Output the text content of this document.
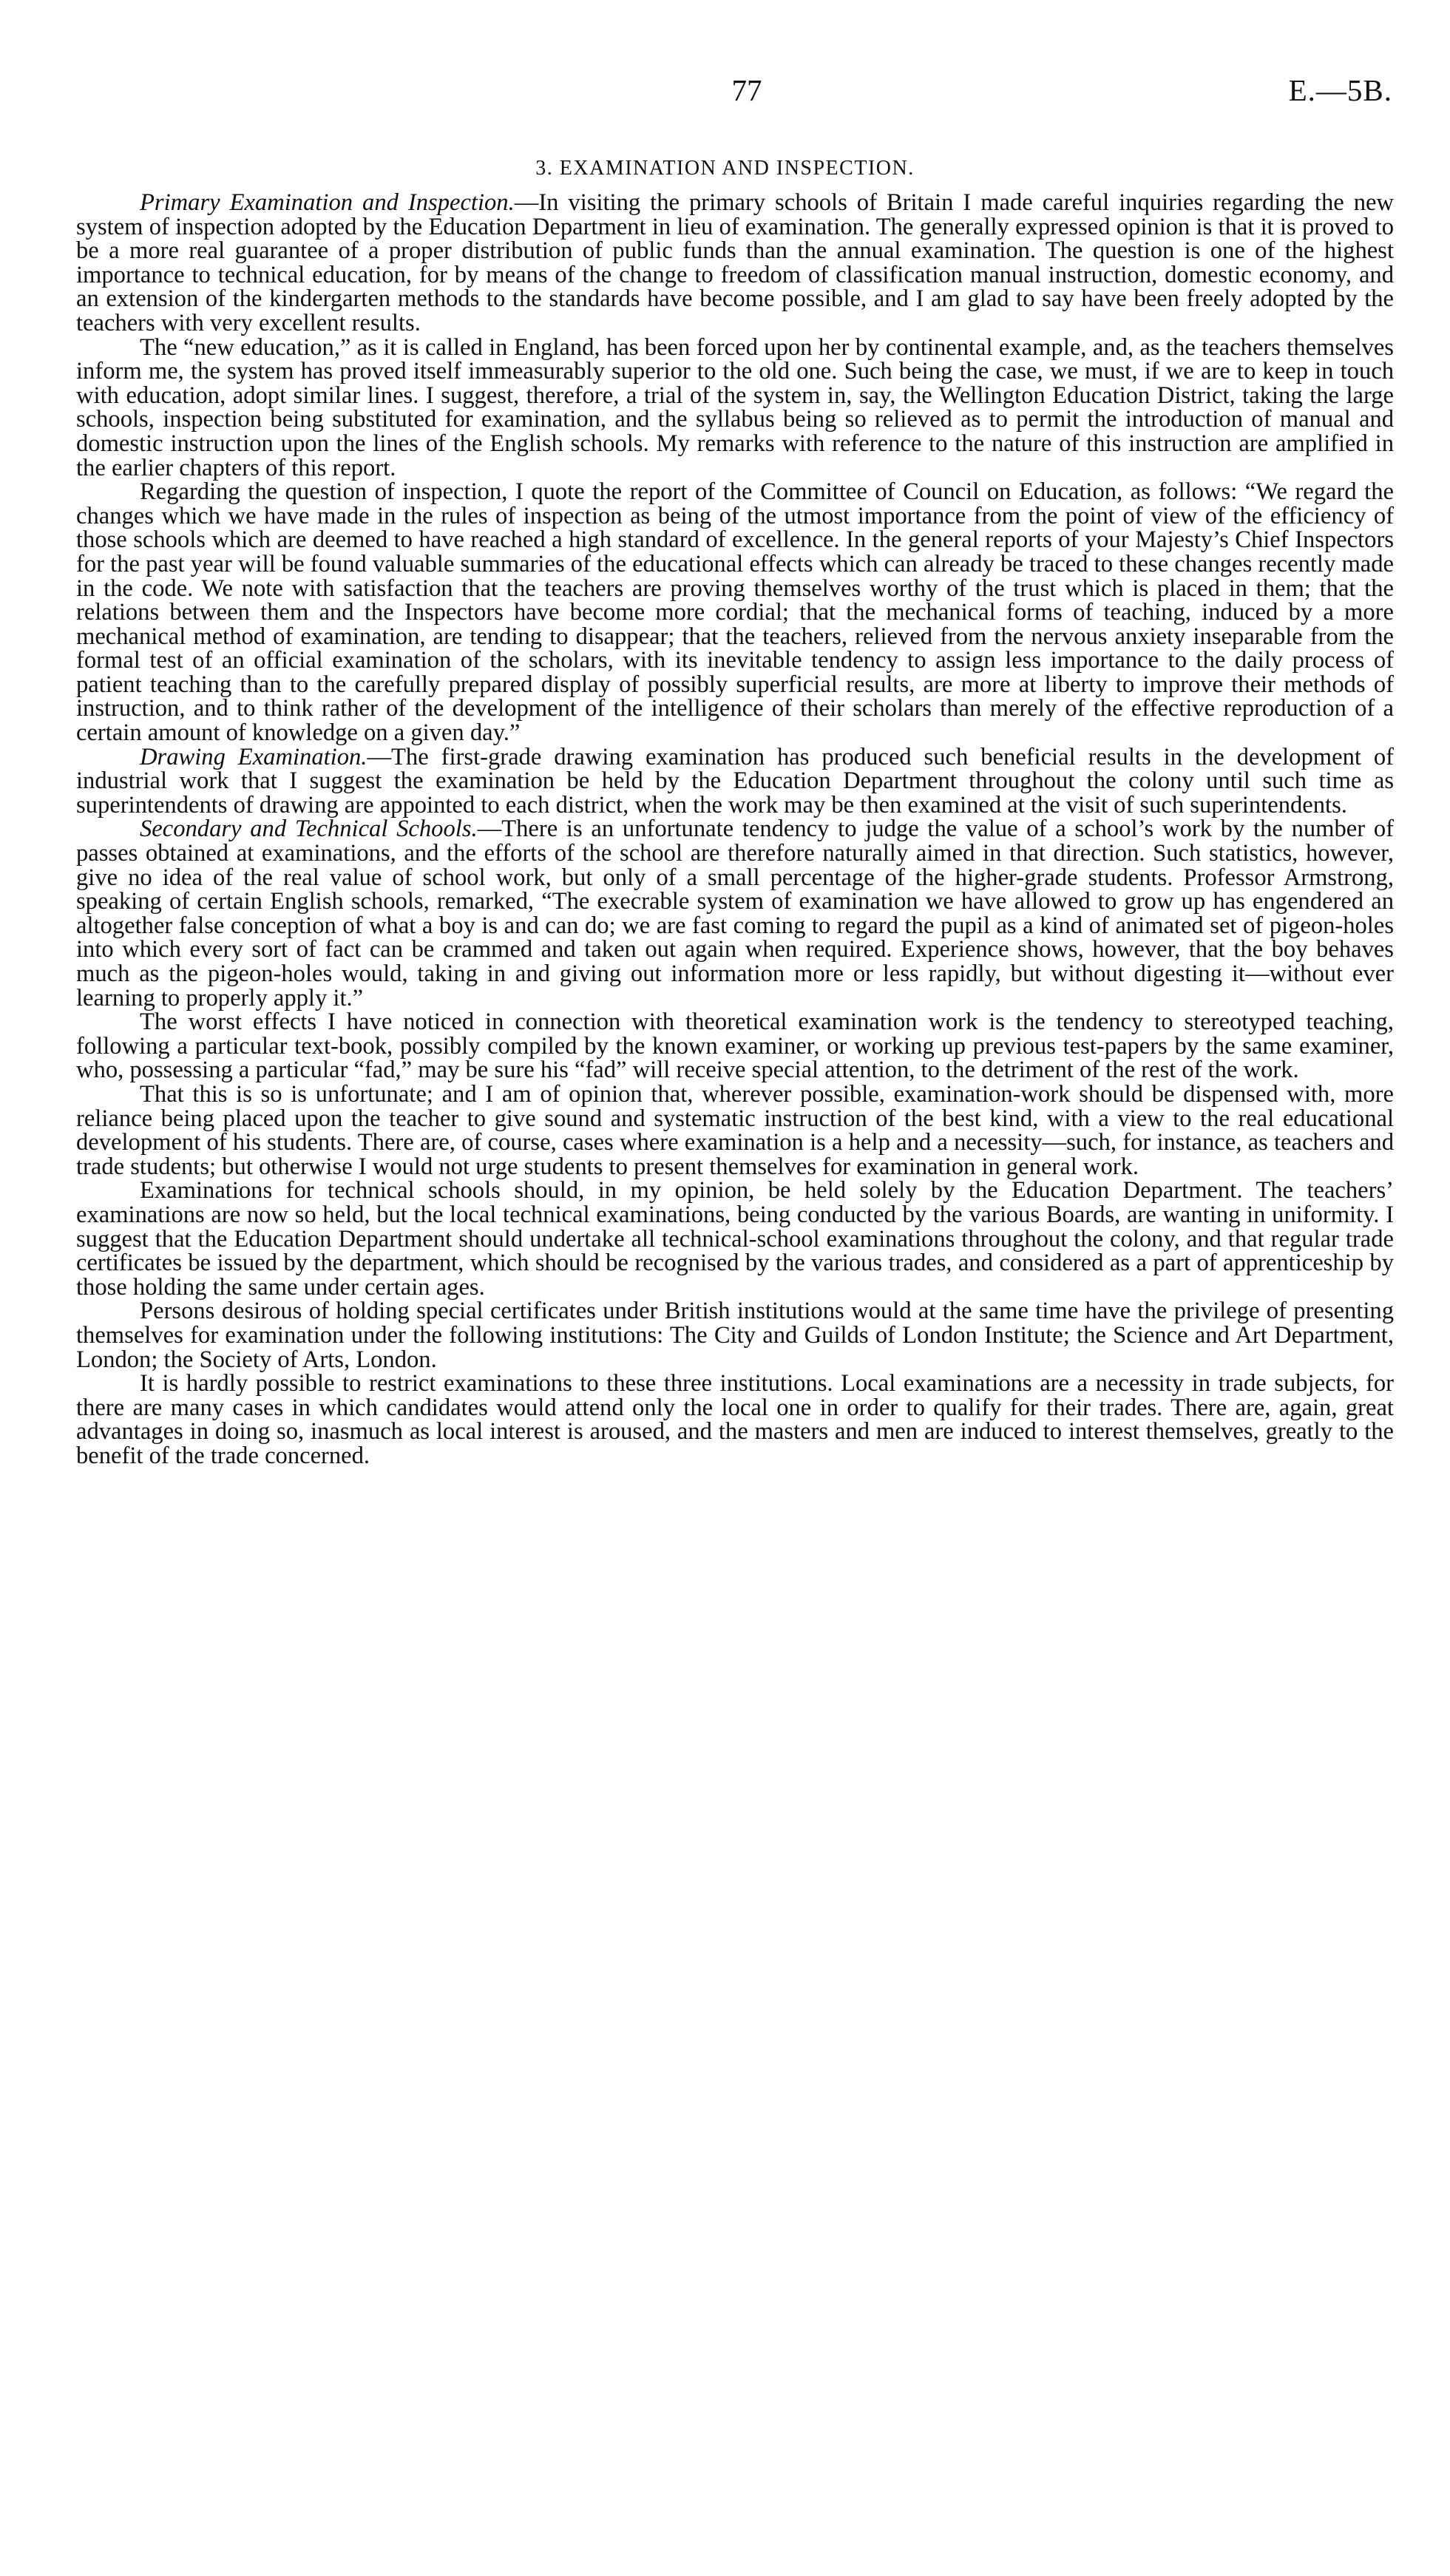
77	E.—5B.
3. EXAMINATION AND INSPECTION.

Primary Examination and Inspection.—In visiting the primary schools of Britain I made careful inquiries regarding the new system of inspection adopted by the Education Department in lieu of examination. The generally expressed opinion is that it is proved to be a more real guarantee of a proper distribution of public funds than the annual examination. The question is one of the highest importance to technical education, for by means of the change to freedom of classification manual instruction, domestic economy, and an extension of the kindergarten methods to the standards have become possible, and I am glad to say have been freely adopted by the teachers with very excellent results.

The “new education,” as it is called in England, has been forced upon her by continental example, and, as the teachers themselves inform me, the system has proved itself immeasurably superior to the old one. Such being the case, we must, if we are to keep in touch with education, adopt similar lines. I suggest, therefore, a trial of the system in, say, the Wellington Education District, taking the large schools, inspection being substituted for examination, and the syllabus being so relieved as to permit the introduction of manual and domestic instruction upon the lines of the English schools. My remarks with reference to the nature of this instruction are amplified in the earlier chapters of this report.

Regarding the question of inspection, I quote the report of the Committee of Council on Education, as follows: “We regard the changes which we have made in the rules of inspection as being of the utmost importance from the point of view of the efficiency of those schools which are deemed to have reached a high standard of excellence. In the general reports of your Majesty’s Chief Inspectors for the past year will be found valuable summaries of the educational effects which can already be traced to these changes recently made in the code. We note with satisfaction that the teachers are proving themselves worthy of the trust which is placed in them; that the relations between them and the Inspectors have become more cordial; that the mechanical forms of teaching, induced by a more mechanical method of examination, are tending to disappear; that the teachers, relieved from the nervous anxiety inseparable from the formal test of an official examination of the scholars, with its inevitable tendency to assign less importance to the daily process of patient teaching than to the carefully prepared display of possibly superficial results, are more at liberty to improve their methods of instruction, and to think rather of the development of the intelligence of their scholars than merely of the effective reproduction of a certain amount of knowledge on a given day.”

Drawing Examination.—The first-grade drawing examination has produced such beneficial results in the development of industrial work that I suggest the examination be held by the Education Department throughout the colony until such time as superintendents of drawing are appointed to each district, when the work may be then examined at the visit of such superintendents.

Secondary and Technical Schools.—There is an unfortunate tendency to judge the value of a school’s work by the number of passes obtained at examinations, and the efforts of the school are therefore naturally aimed in that direction. Such statistics, however, give no idea of the real value of school work, but only of a small percentage of the higher-grade students. Professor Armstrong, speaking of certain English schools, remarked, “The execrable system of examination we have allowed to grow up has engendered an altogether false conception of what a boy is and can do; we are fast coming to regard the pupil as a kind of animated set of pigeon-holes into which every sort of fact can be crammed and taken out again when required. Experience shows, however, that the boy behaves much as the pigeon-holes would, taking in and giving out information more or less rapidly, but without digesting it—without ever learning to properly apply it.”

The worst effects I have noticed in connection with theoretical examination work is the tendency to stereotyped teaching, following a particular text-book, possibly compiled by the known examiner, or working up previous test-papers by the same examiner, who, possessing a particular “fad,” may be sure his “fad” will receive special attention, to the detriment of the rest of the work.

That this is so is unfortunate; and I am of opinion that, wherever possible, examination-work should be dispensed with, more reliance being placed upon the teacher to give sound and systematic instruction of the best kind, with a view to the real educational development of his students. There are, of course, cases where examination is a help and a necessity—such, for instance, as teachers and trade students; but otherwise I would not urge students to present themselves for examination in general work.

Examinations for technical schools should, in my opinion, be held solely by the Education Department. The teachers’ examinations are now so held, but the local technical examinations, being conducted by the various Boards, are wanting in uniformity. I suggest that the Education Department should undertake all technical-school examinations throughout the colony, and that regular trade certificates be issued by the department, which should be recognised by the various trades, and considered as a part of apprenticeship by those holding the same under certain ages.

Persons desirous of holding special certificates under British institutions would at the same time have the privilege of presenting themselves for examination under the following institutions: The City and Guilds of London Institute; the Science and Art Department, London; the Society of Arts, London.

It is hardly possible to restrict examinations to these three institutions. Local examinations are a necessity in trade subjects, for there are many cases in which candidates would attend only the local one in order to qualify for their trades. There are, again, great advantages in doing so, inasmuch as local interest is aroused, and the masters and men are induced to interest themselves, greatly to the benefit of the trade concerned.
